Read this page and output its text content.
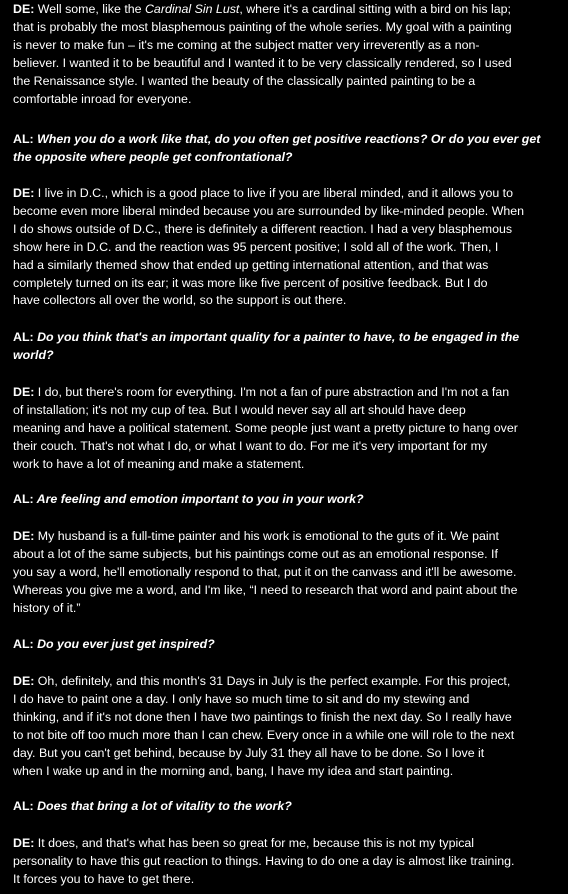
DE: Well some, like the Cardinal Sin Lust, where it's a cardinal sitting with a bird on his lap;
that is probably the most blasphemous painting of the whole series. My goal with a painting
is never to make fun – it's me coming at the subject matter very irreverently as a non-
believer. I wanted it to be beautiful and I wanted it to be very classically rendered, so I used
the Renaissance style. I wanted the beauty of the classically painted painting to be a
comfortable inroad for everyone.

AL: When you do a work like that, do you often get positive reactions? Or do you ever get
the opposite where people get confrontational?

DE: I live in D.C., which is a good place to live if you are liberal minded, and it allows you to
become even more liberal minded because you are surrounded by like-minded people. When
I do shows outside of D.C., there is definitely a different reaction. I had a very blasphemous
show here in D.C. and the reaction was 95 percent positive; I sold all of the work. Then, I
had a similarly themed show that ended up getting international attention, and that was
completely turned on its ear; it was more like five percent of positive feedback. But I do
have collectors all over the world, so the support is out there.

AL: Do you think that's an important quality for a painter to have, to be engaged in the
world?

DE: I do, but there's room for everything. I'm not a fan of pure abstraction and I'm not a fan
of installation; it's not my cup of tea. But I would never say all art should have deep
meaning and have a political statement. Some people just want a pretty picture to hang over
their couch. That's not what I do, or what I want to do. For me it's very important for my
work to have a lot of meaning and make a statement.

AL: Are feeling and emotion important to you in your work?

DE: My husband is a full-time painter and his work is emotional to the guts of it. We paint
about a lot of the same subjects, but his paintings come out as an emotional response. If
you say a word, he'll emotionally respond to that, put it on the canvass and it'll be awesome.
Whereas you give me a word, and I'm like, “I need to research that word and paint about the
history of it.”

AL: Do you ever just get inspired?

DE: Oh, definitely, and this month's 31 Days in July is the perfect example. For this project,
I do have to paint one a day. I only have so much time to sit and do my stewing and
thinking, and if it's not done then I have two paintings to finish the next day. So I really have
to not bite off too much more than I can chew. Every once in a while one will role to the next
day. But you can't get behind, because by July 31 they all have to be done. So I love it
when I wake up and in the morning and, bang, I have my idea and start painting.

AL: Does that bring a lot of vitality to the work?

DE: It does, and that's what has been so great for me, because this is not my typical
personality to have this gut reaction to things. Having to do one a day is almost like training.
It forces you to have to get there.
